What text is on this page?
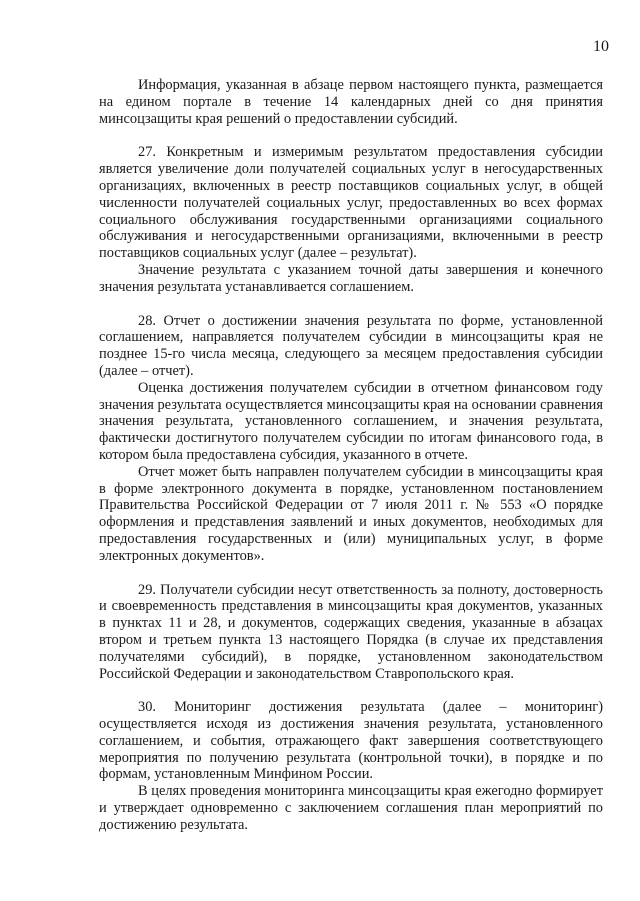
10

Информация, указанная в абзаце первом настоящего пункта, размещается на едином портале в течение 14 календарных дней со дня принятия минсоцзащиты края решений о предоставлении субсидий.

27. Конкретным и измеримым результатом предоставления субсидии является увеличение доли получателей социальных услуг в негосударственных организациях, включенных в реестр поставщиков социальных услуг, в общей численности получателей социальных услуг, предоставленных во всех формах социального обслуживания государственными организациями социального обслуживания и негосударственными организациями, включенными в реестр поставщиков социальных услуг (далее – результат).

Значение результата с указанием точной даты завершения и конечного значения результата устанавливается соглашением.

28. Отчет о достижении значения результата по форме, установленной соглашением, направляется получателем субсидии в минсоцзащиты края не позднее 15-го числа месяца, следующего за месяцем предоставления субсидии (далее – отчет).

Оценка достижения получателем субсидии в отчетном финансовом году значения результата осуществляется минсоцзащиты края на основании сравнения значения результата, установленного соглашением, и значения результата, фактически достигнутого получателем субсидии по итогам финансового года, в котором была предоставлена субсидия, указанного в отчете.

Отчет может быть направлен получателем субсидии в минсоцзащиты края в форме электронного документа в порядке, установленном постановлением Правительства Российской Федерации от 7 июля 2011 г. № 553 «О порядке оформления и представления заявлений и иных документов, необходимых для предоставления государственных и (или) муниципальных услуг, в форме электронных документов».

29. Получатели субсидии несут ответственность за полноту, достоверность и своевременность представления в минсоцзащиты края документов, указанных в пунктах 11 и 28, и документов, содержащих сведения, указанные в абзацах втором и третьем пункта 13 настоящего Порядка (в случае их представления получателями субсидий), в порядке, установленном законодательством Российской Федерации и законодательством Ставропольского края.

30. Мониторинг достижения результата (далее – мониторинг) осуществляется исходя из достижения значения результата, установленного соглашением, и события, отражающего факт завершения соответствующего мероприятия по получению результата (контрольной точки), в порядке и по формам, установленным Минфином России.

В целях проведения мониторинга минсоцзащиты края ежегодно формирует и утверждает одновременно с заключением соглашения план мероприятий по достижению результата.
